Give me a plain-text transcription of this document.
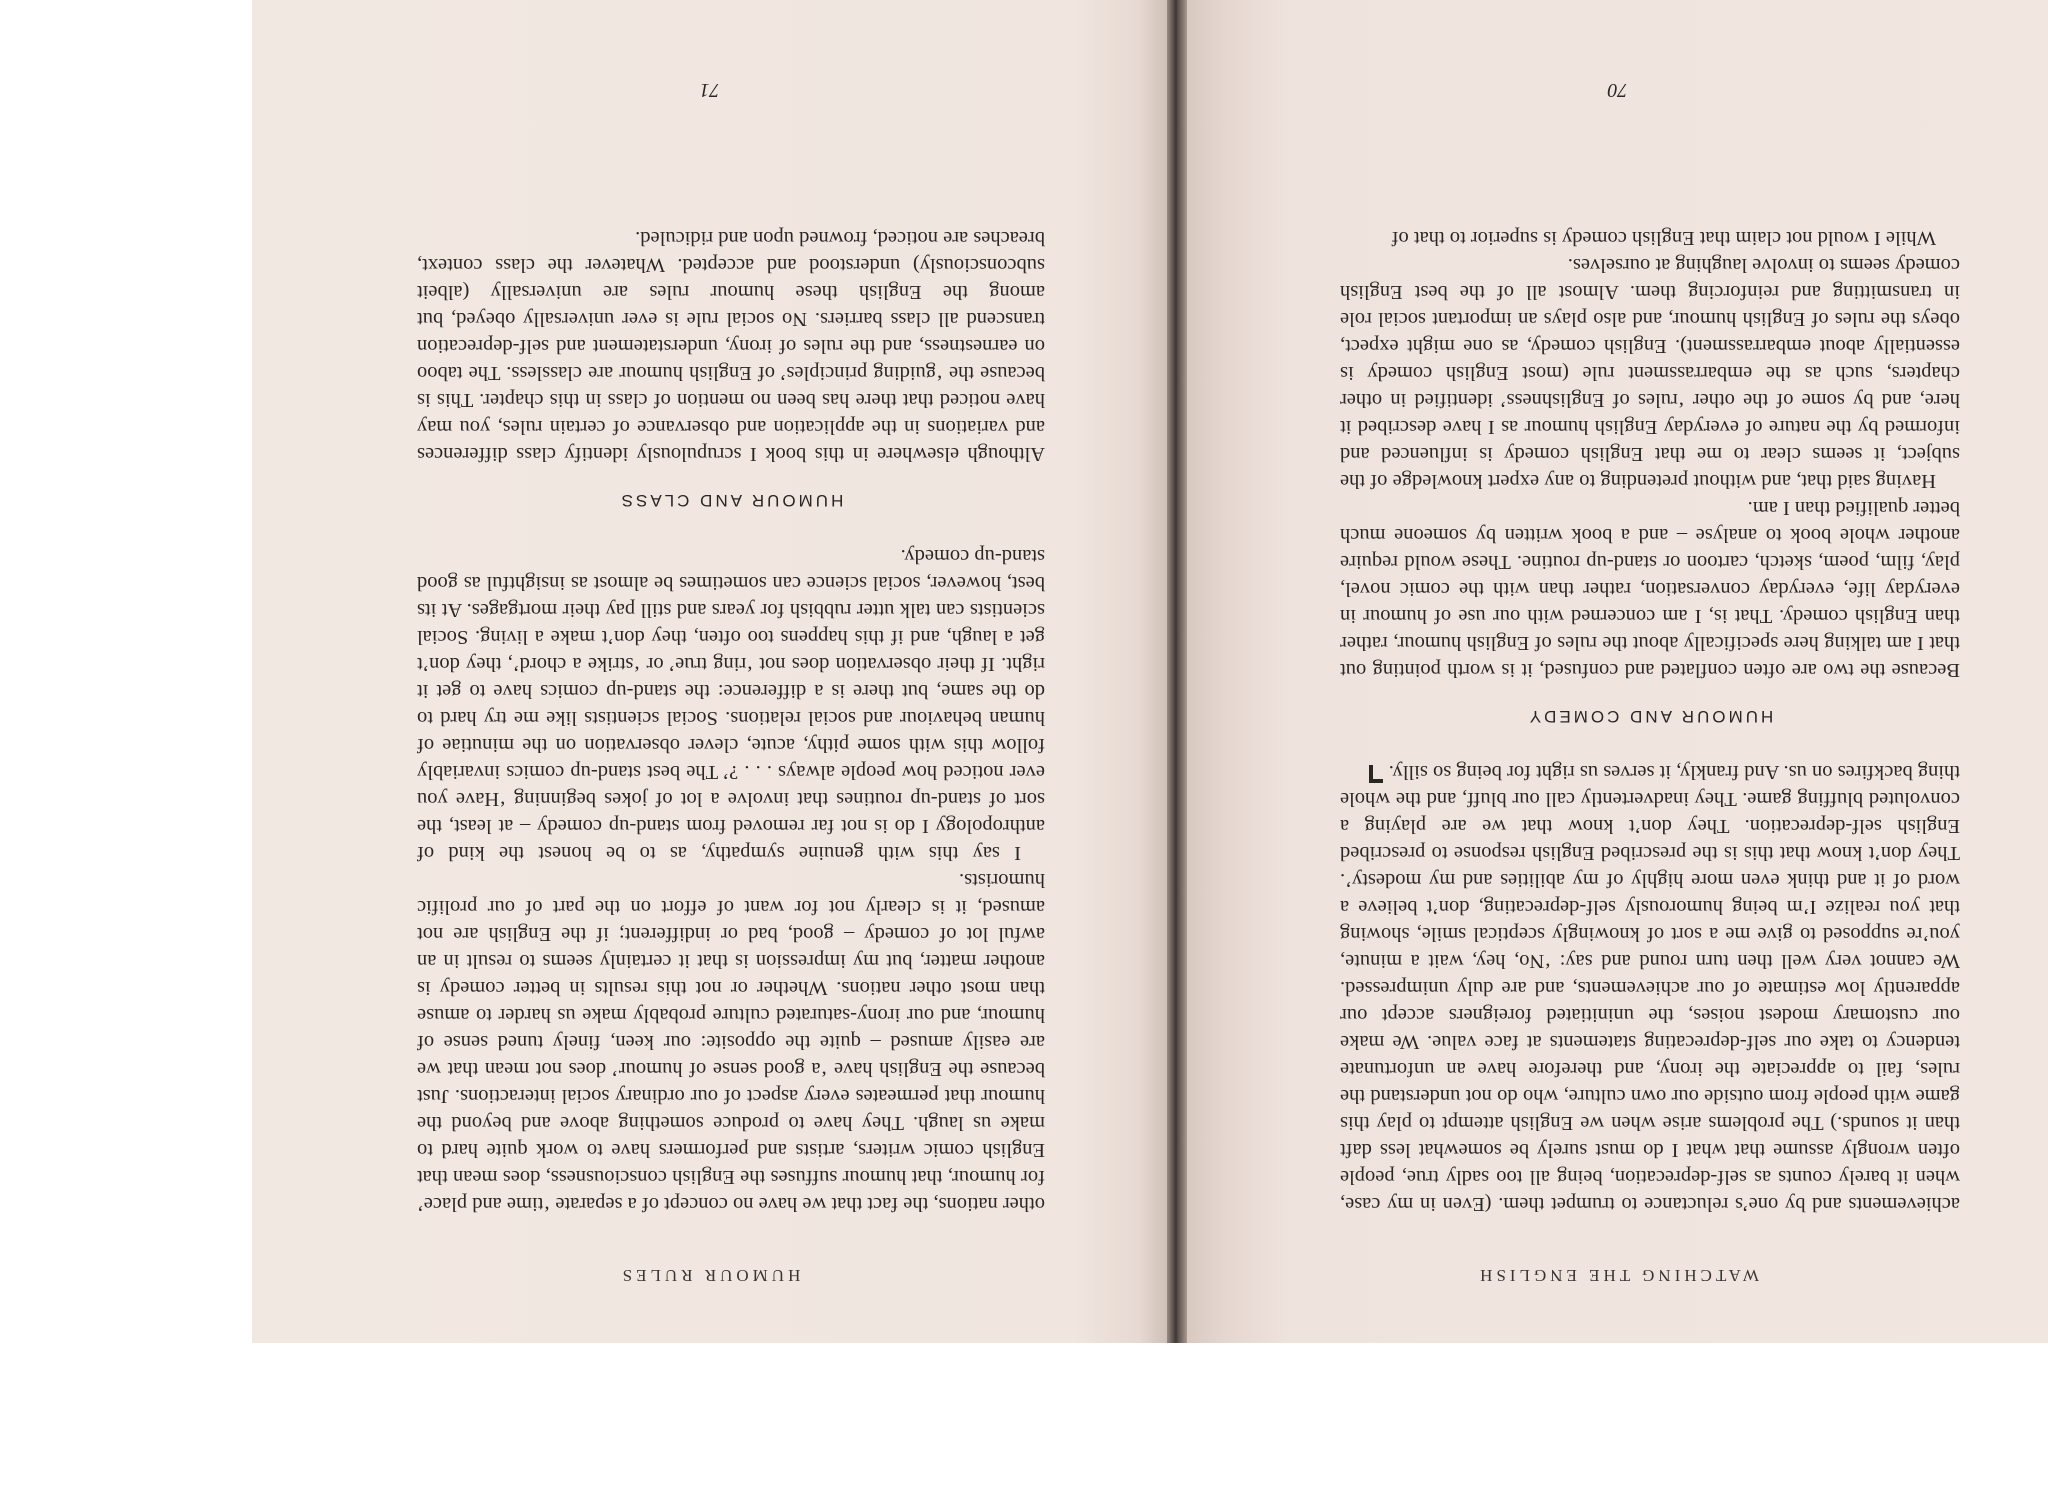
WATCHING THE ENGLISH

achievements and by one’s reluctance to trumpet them. (Even in my case, when it barely counts as self-deprecation, being all too sadly true, people often wrongly assume that what I do must surely be somewhat less daft than it sounds.) The problems arise when we English attempt to play this game with people from outside our own culture, who do not understand the rules, fail to appreciate the irony, and therefore have an unfortunate tendency to take our self-deprecating statements at face value. We make our customary modest noises, the uninitiated foreigners accept our apparently low estimate of our achievements, and are duly unimpressed. We cannot very well then turn round and say: ‘No, hey, wait a minute, you’re supposed to give me a sort of knowingly sceptical smile, showing that you realize I’m being humorously self-deprecating, don’t believe a word of it and think even more highly of my abilities and my modesty’. They don’t know that this is the prescribed English response to prescribed English self-deprecation. They don’t know that we are playing a convoluted bluffing game. They inadvertently call our bluff, and the whole thing backfires on us. And frankly, it serves us right for being so silly.

HUMOUR AND COMEDY

Because the two are often conflated and confused, it is worth pointing out that I am talking here specifically about the rules of English humour, rather than English comedy. That is, I am concerned with our use of humour in everyday life, everyday conversation, rather than with the comic novel, play, film, poem, sketch, cartoon or stand-up routine. These would require another whole book to analyse – and a book written by someone much better qualified than I am.

Having said that, and without pretending to any expert knowledge of the subject, it seems clear to me that English comedy is influenced and informed by the nature of everyday English humour as I have described it here, and by some of the other ‘rules of Englishness’ identified in other chapters, such as the embarrassment rule (most English comedy is essentially about embarrassment). English comedy, as one might expect, obeys the rules of English humour, and also plays an important social role in transmitting and reinforcing them. Almost all of the best English comedy seems to involve laughing at ourselves.

While I would not claim that English comedy is superior to that of

70
HUMOUR RULES

other nations, the fact that we have no concept of a separate ‘time and place’ for humour, that humour suffuses the English consciousness, does mean that English comic writers, artists and performers have to work quite hard to make us laugh. They have to produce something above and beyond the humour that permeates every aspect of our ordinary social interactions. Just because the English have ‘a good sense of humour’ does not mean that we are easily amused – quite the opposite: our keen, finely tuned sense of humour, and our irony-saturated culture probably make us harder to amuse than most other nations. Whether or not this results in better comedy is another matter, but my impression is that it certainly seems to result in an awful lot of comedy – good, bad or indifferent; if the English are not amused, it is clearly not for want of effort on the part of our prolific humorists.

I say this with genuine sympathy, as to be honest the kind of anthropology I do is not far removed from stand-up comedy – at least, the sort of stand-up routines that involve a lot of jokes beginning ‘Have you ever noticed how people always . . . ?’ The best stand-up comics invariably follow this with some pithy, acute, clever observation on the minutiae of human behaviour and social relations. Social scientists like me try hard to do the same, but there is a difference: the stand-up comics have to get it right. If their observation does not ‘ring true’ or ‘strike a chord’, they don’t get a laugh, and if this happens too often, they don’t make a living. Social scientists can talk utter rubbish for years and still pay their mortgages. At its best, however, social science can sometimes be almost as insightful as good stand-up comedy.

HUMOUR AND CLASS

Although elsewhere in this book I scrupulously identify class differences and variations in the application and observance of certain rules, you may have noticed that there has been no mention of class in this chapter. This is because the ‘guiding principles’ of English humour are classless. The taboo on earnestness, and the rules of irony, understatement and self-deprecation transcend all class barriers. No social rule is ever universally obeyed, but among the English these humour rules are universally (albeit subconsciously) understood and accepted. Whatever the class context, breaches are noticed, frowned upon and ridiculed.

71
